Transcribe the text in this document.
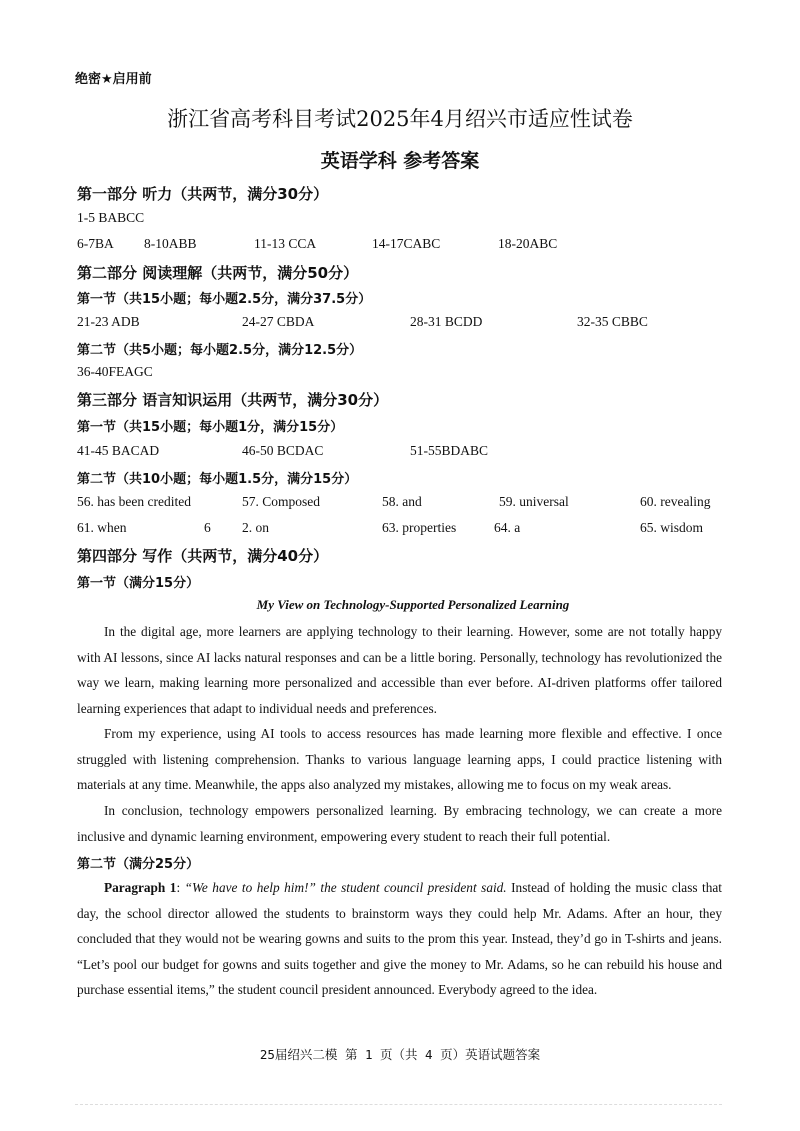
绝密★启用前
浙江省高考科目考试2025年4月绍兴市适应性试卷
英语学科 参考答案
第一部分 听力（共两节，满分30分）
1-5 BABCC
6-7BA 8-10ABB	11-13 CCA	14-17CABC	18-20ABC
第二部分 阅读理解（共两节，满分50分）
第一节（共15小题；每小题2.5分，满分37.5分）
21-23 ADB	24-27 CBDA	28-31 BCDD	32-35 CBBC
第二节（共5小题；每小题2.5分，满分12.5分）
36-40FEAGC
第三部分 语言知识运用（共两节，满分30分）
第一节（共15小题；每小题1分，满分15分）
41-45 BACAD	46-50 BCDAC	51-55BDABC
第二节（共10小题；每小题1.5分，满分15分）
56. has been credited	57. Composed	58. and	59. universal	60. revealing
61. when	6 2. on	63. properties	64. a	65. wisdom
第四部分 写作（共两节，满分40分）
第一节（满分15分）
My View on Technology-Supported Personalized Learning

In the digital age, more learners are applying technology to their learning. However, some are not totally happy with AI lessons, since AI lacks natural responses and can be a little boring. Personally, technology has revolutionized the way we learn, making learning more personalized and accessible than ever before. AI-driven platforms offer tailored learning experiences that adapt to individual needs and preferences.

From my experience, using AI tools to access resources has made learning more flexible and effective. I once struggled with listening comprehension. Thanks to various language learning apps, I could practice listening with materials at any time. Meanwhile, the apps also analyzed my mistakes, allowing me to focus on my weak areas.

In conclusion, technology empowers personalized learning. By embracing technology, we can create a more inclusive and dynamic learning environment, empowering every student to reach their full potential.

第二节（满分25分）

Paragraph 1: “We have to help him!” the student council president said. Instead of holding the music class that day, the school director allowed the students to brainstorm ways they could help Mr. Adams. After an hour, they concluded that they would not be wearing gowns and suits to the prom this year. Instead, they’d go in T-shirts and jeans. “Let’s pool our budget for gowns and suits together and give the money to Mr. Adams, so he can rebuild his house and purchase essential items,” the student council president announced. Everybody agreed to the idea.

25届绍兴二模 第 1 页（共 4 页）英语试题答案
